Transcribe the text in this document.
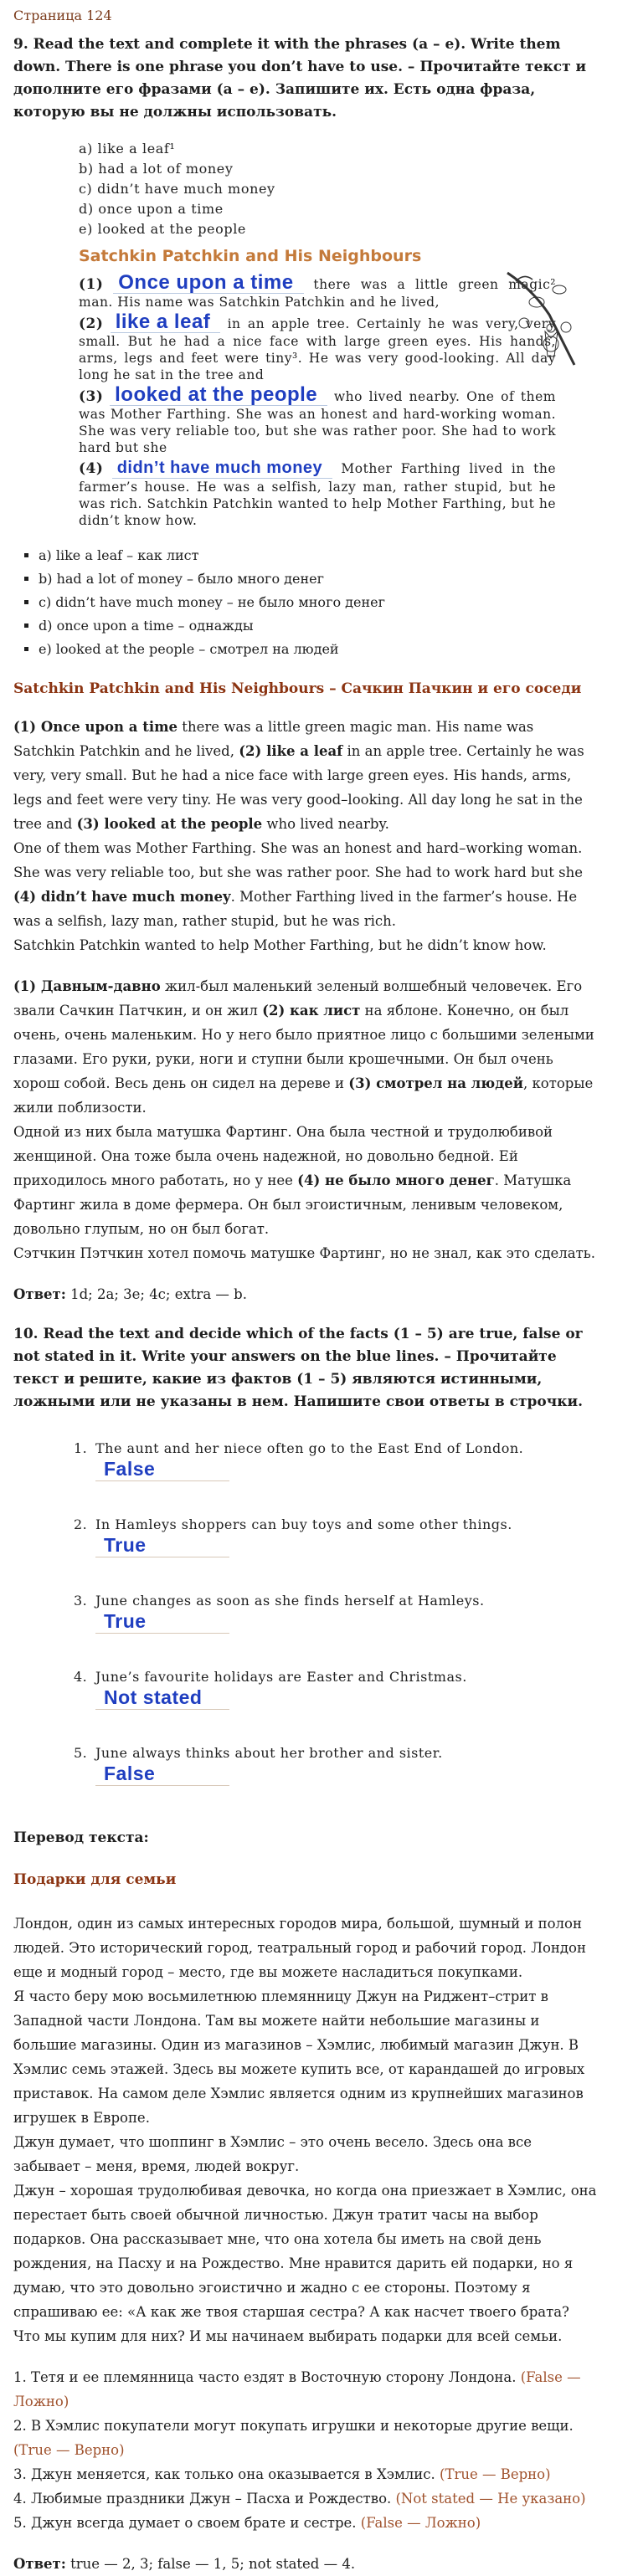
Страница 124
9. Read the text and complete it with the phrases (a – e). Write them down. There is one phrase you don’t have to use. – Прочитайте текст и дополните его фразами (a – e). Запишите их. Есть одна фраза, которую вы не должны использовать.
a) like a leaf¹
b) had a lot of money
c) didn’t have much money
d) once upon a time
e) looked at the people
Satchkin Patchkin and His Neighbours
(1) Once upon a time there was a little green magic² man. His name was Satchkin Patchkin and he lived,
(2) like a leaf in an apple tree. Certainly he was very, very small. But he had a nice face with large green eyes. His hands, arms, legs and feet were tiny³. He was very good-looking. All day long he sat in the tree and
(3) looked at the people who lived nearby. One of them was Mother Farthing. She was an honest and hard-working woman. She was very reliable too, but she was rather poor. She had to work hard but she
(4) didn’t have much money Mother Farthing lived in the farmer’s house. He was a selfish, lazy man, rather stupid, but he was rich. Satchkin Patchkin wanted to help Mother Farthing, but he didn’t know how.
▪ a) like a leaf – как лист
▪ b) had a lot of money – было много денег
▪ c) didn’t have much money – не было много денег
▪ d) once upon a time – однажды
▪ e) looked at the people – смотрел на людей
Satchkin Patchkin and His Neighbours – Сачкин Пачкин и его соседи

(1) Once upon a time there was a little green magic man. His name was Satchkin Patchkin and he lived, (2) like a leaf in an apple tree. Certainly he was very, very small. But he had a nice face with large green eyes. His hands, arms, legs and feet were very tiny. He was very good–looking. All day long he sat in the tree and (3) looked at the people who lived nearby.

One of them was Mother Farthing. She was an honest and hard–working woman. She was very reliable too, but she was rather poor. She had to work hard but she (4) didn’t have much money. Mother Farthing lived in the farmer’s house. He was a selfish, lazy man, rather stupid, but he was rich.

Satchkin Patchkin wanted to help Mother Farthing, but he didn’t know how.

(1) Давным-давно жил-был маленький зеленый волшебный человечек. Его звали Сачкин Патчкин, и он жил (2) как лист на яблоне. Конечно, он был очень, очень маленьким. Но у него было приятное лицо с большими зелеными глазами. Его руки, руки, ноги и ступни были крошечными. Он был очень хорош собой. Весь день он сидел на дереве и (3) смотрел на людей, которые жили поблизости.

Одной из них была матушка Фартинг. Она была честной и трудолюбивой женщиной. Она тоже была очень надежной, но довольно бедной. Ей приходилось много работать, но у нее (4) не было много денег. Матушка Фартинг жила в доме фермера. Он был эгоистичным, ленивым человеком, довольно глупым, но он был богат.

Сэтчкин Пэтчкин хотел помочь матушке Фартинг, но не знал, как это сделать.

Ответ: 1d; 2a; 3e; 4c; extra — b.

10. Read the text and decide which of the facts (1 – 5) are true, false or not stated in it. Write your answers on the blue lines. – Прочитайте текст и решите, какие из фактов (1 – 5) являются истинными, ложными или не указаны в нем. Напишите свои ответы в строчки.
1. The aunt and her niece often go to the East End of London. False
2. In Hamleys shoppers can buy toys and some other things. True
3. June changes as soon as she finds herself at Hamleys.
True
4. June’s favourite holidays are Easter and Christmas.
Not stated
5. June always thinks about her brother and sister.
False
Перевод текста:
Подарки для семьи

Лондон, один из самых интересных городов мира, большой, шумный и полон людей. Это исторический город, театральный город и рабочий город. Лондон еще и модный город – место, где вы можете насладиться покупками.

Я часто беру мою восьмилетнюю племянницу Джун на Риджент–стрит в Западной части Лондона. Там вы можете найти небольшие магазины и большие магазины. Один из магазинов – Хэмлис, любимый магазин Джун. В Хэмлис семь этажей. Здесь вы можете купить все, от карандашей до игровых приставок. На самом деле Хэмлис является одним из крупнейших магазинов игрушек в Европе.

Джун думает, что шоппинг в Хэмлис – это очень весело. Здесь она все забывает – меня, время, людей вокруг.

Джун – хорошая трудолюбивая девочка, но когда она приезжает в Хэмлис, она перестает быть своей обычной личностью. Джун тратит часы на выбор подарков. Она рассказывает мне, что она хотела бы иметь на свой день рождения, на Пасху и на Рождество. Мне нравится дарить ей подарки, но я думаю, что это довольно эгоистично и жадно с ее стороны. Поэтому я спрашиваю ее: «А как же твоя старшая сестра? А как насчет твоего брата? Что мы купим для них? И мы начинаем выбирать подарки для всей семьи.

1. Тетя и ее племянница часто ездят в Восточную сторону Лондона. (False — Ложно)

2. В Хэмлис покупатели могут покупать игрушки и некоторые другие вещи. (True — Верно)

3. Джун меняется, как только она оказывается в Хэмлис. (True — Верно)

4. Любимые праздники Джун – Пасха и Рождество. (Not stated — Не указано)

5. Джун всегда думает о своем брате и сестре. (False — Ложно)

Ответ: true — 2, 3; false — 1, 5; not stated — 4.
